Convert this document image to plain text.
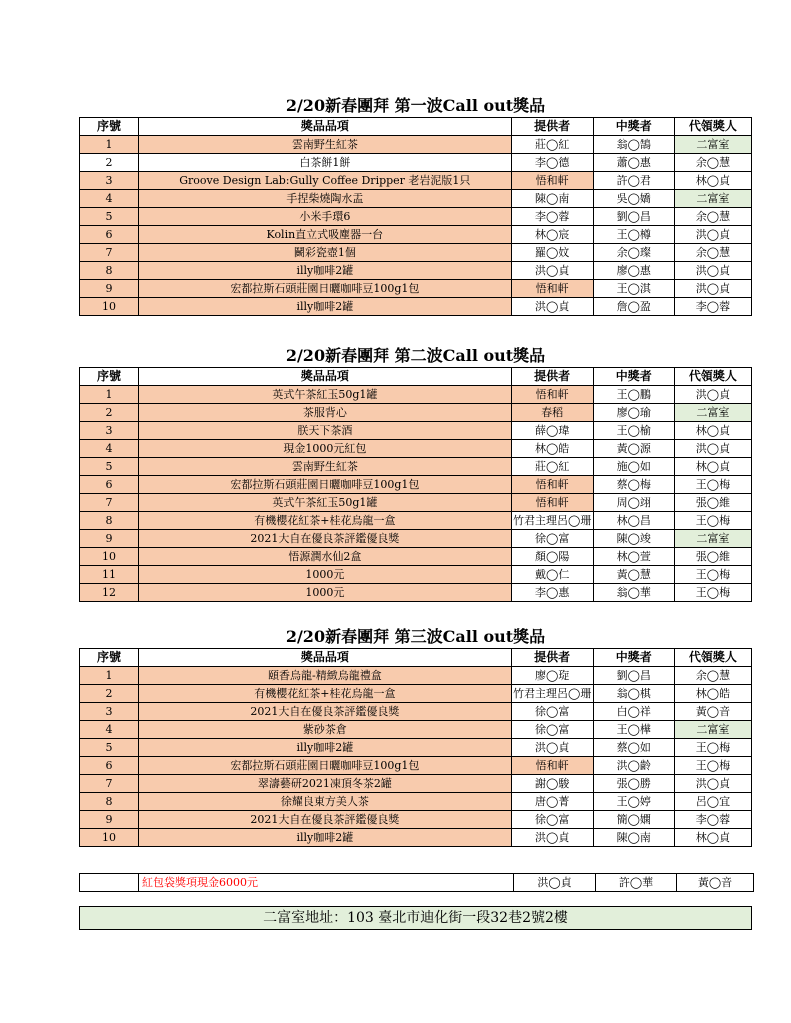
2/20新春團拜 第一波Call out獎品
序號	獎品品項	提供者	中獎者	代領獎人
1	雲南野生紅茶	莊◯紅	翁◯鵠	二富室
2	白茶餅1餅	李◯德	蕭◯惠	余◯慧
3	Groove Design Lab:Gully Coffee Dripper 老岩泥版1只	悟和軒	許◯君	林◯貞
4	手捏柴燒陶水盂	陳◯南	吳◯嬌	二富室
5	小米手環6	李◯蓉	劉◯昌	余◯慧
6	Kolin直立式吸塵器一台	林◯宸	王◯樽	洪◯貞
7	鬭彩瓷壺1個	羅◯妏	余◯璨	余◯慧
8	illy咖啡2罐	洪◯貞	廖◯惠	洪◯貞
9	宏都拉斯石頭莊園日曬咖啡豆100g1包	悟和軒	王◯淇	洪◯貞
10	illy咖啡2罐	洪◯貞	詹◯盈	李◯蓉
2/20新春團拜 第二波Call out獎品
序號	獎品品項	提供者	中獎者	代領獎人
1	英式午茶紅玉50g1罐	悟和軒	王◯鵬	洪◯貞
2	茶服背心	春稻	廖◯瑜	二富室
3	朕天下茶酒	薛◯瑋	王◯榆	林◯貞
4	現金1000元紅包	林◯皓	黃◯源	洪◯貞
5	雲南野生紅茶	莊◯紅	施◯如	林◯貞
6	宏都拉斯石頭莊園日曬咖啡豆100g1包	悟和軒	蔡◯梅	王◯梅
7	英式午茶紅玉50g1罐	悟和軒	周◯翊	張◯維
8	有機櫻花紅茶+桂花烏龍一盒	竹君主理呂◯珊	林◯昌	王◯梅
9	2021大自在優良茶評鑑優良獎	徐◯富	陳◯竣	二富室
10	悟源潤水仙2盒	顏◯陽	林◯萱	張◯維
11	1000元	戴◯仁	黃◯慧	王◯梅
12	1000元	李◯惠	翁◯華	王◯梅
2/20新春團拜 第三波Call out獎品
序號	獎品品項	提供者	中獎者	代領獎人
1	頤香烏龍-精緻烏龍禮盒	廖◯琁	劉◯昌	余◯慧
2	有機櫻花紅茶+桂花烏龍一盒	竹君主理呂◯珊	翁◯棋	林◯皓
3	2021大自在優良茶評鑑優良獎	徐◯富	白◯祥	黃◯音
4	紫砂茶倉	徐◯富	王◯樺	二富室
5	illy咖啡2罐	洪◯貞	蔡◯如	王◯梅
6	宏都拉斯石頭莊園日曬咖啡豆100g1包	悟和軒	洪◯齡	王◯梅
7	翠濤藝研2021凍頂冬茶2罐	謝◯駿	張◯勝	洪◯貞
8	徐耀良東方美人茶	唐◯菁	王◯婷	呂◯宜
9	2021大自在優良茶評鑑優良獎	徐◯富	簡◯嫻	李◯蓉
10	illy咖啡2罐	洪◯貞	陳◯南	林◯貞
	紅包袋獎項現金6000元	洪◯貞	許◯華	黃◯音
二富室地址：103 臺北市迪化街一段32巷2號2樓
